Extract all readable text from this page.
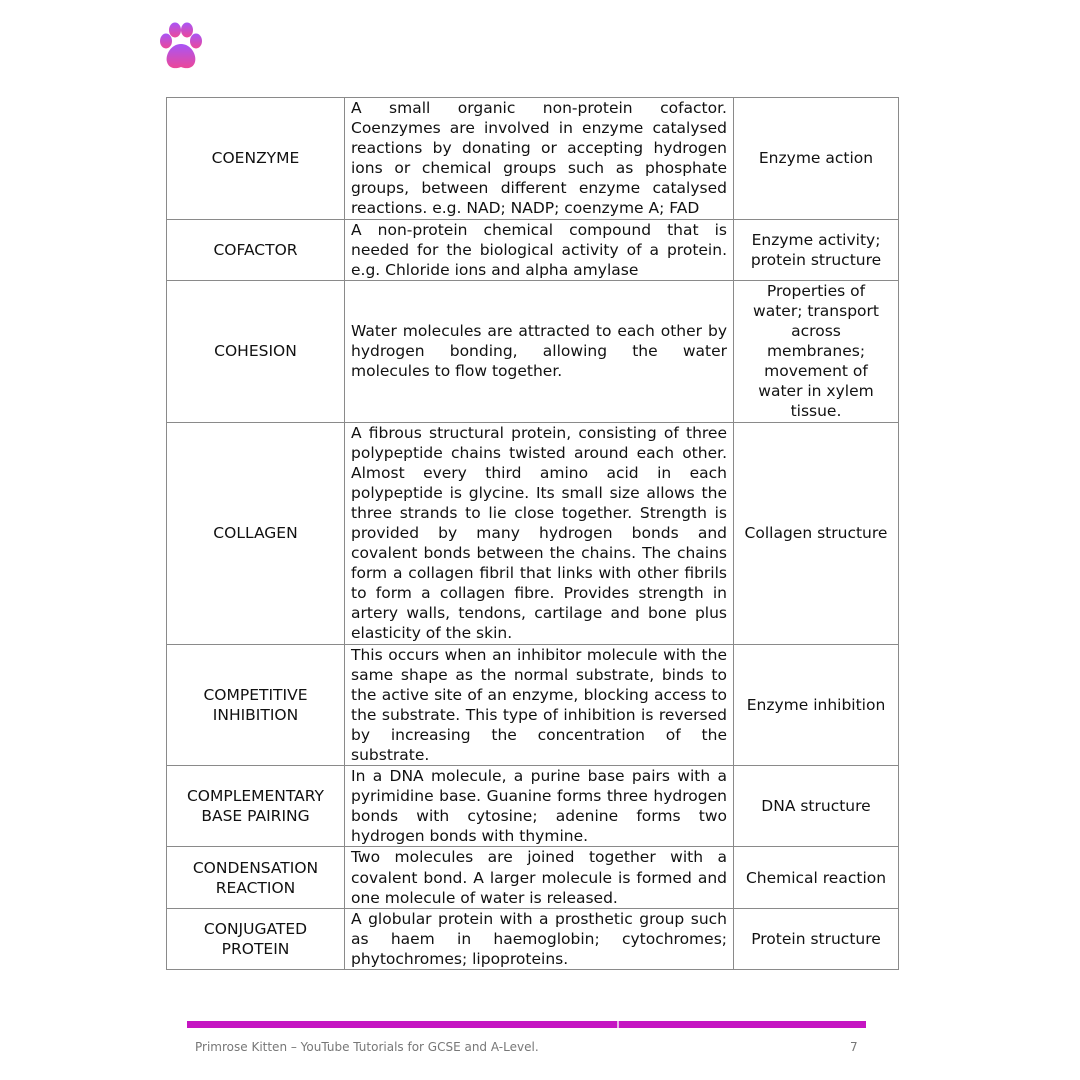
COENZYME	A small organic non-protein cofactor. Coenzymes are involved in enzyme catalysed reactions by donating or accepting hydrogen ions or chemical groups such as phosphate groups, between different enzyme catalysed reactions. e.g. NAD; NADP; coenzyme A; FAD	Enzyme action
COFACTOR	A non-protein chemical compound that is needed for the biological activity of a protein. e.g. Chloride ions and alpha amylase	Enzyme activity; protein structure
COHESION	Water molecules are attracted to each other by hydrogen bonding, allowing the water molecules to flow together.	Properties of water; transport across membranes; movement of water in xylem tissue.
COLLAGEN	A fibrous structural protein, consisting of three polypeptide chains twisted around each other. Almost every third amino acid in each polypeptide is glycine. Its small size allows the three strands to lie close together. Strength is provided by many hydrogen bonds and covalent bonds between the chains. The chains form a collagen fibril that links with other fibrils to form a collagen fibre. Provides strength in artery walls, tendons, cartilage and bone plus elasticity of the skin.	Collagen structure
COMPETITIVE INHIBITION	This occurs when an inhibitor molecule with the same shape as the normal substrate, binds to the active site of an enzyme, blocking access to the substrate. This type of inhibition is reversed by increasing the concentration of the substrate.	Enzyme inhibition
COMPLEMENTARY BASE PAIRING	In a DNA molecule, a purine base pairs with a pyrimidine base. Guanine forms three hydrogen bonds with cytosine; adenine forms two hydrogen bonds with thymine.	DNA structure
CONDENSATION REACTION	Two molecules are joined together with a covalent bond. A larger molecule is formed and one molecule of water is released.	Chemical reaction
CONJUGATED PROTEIN	A globular protein with a prosthetic group such as haem in haemoglobin; cytochromes; phytochromes; lipoproteins.	Protein structure
Primrose Kitten – YouTube Tutorials for GCSE and A-Level.	7
